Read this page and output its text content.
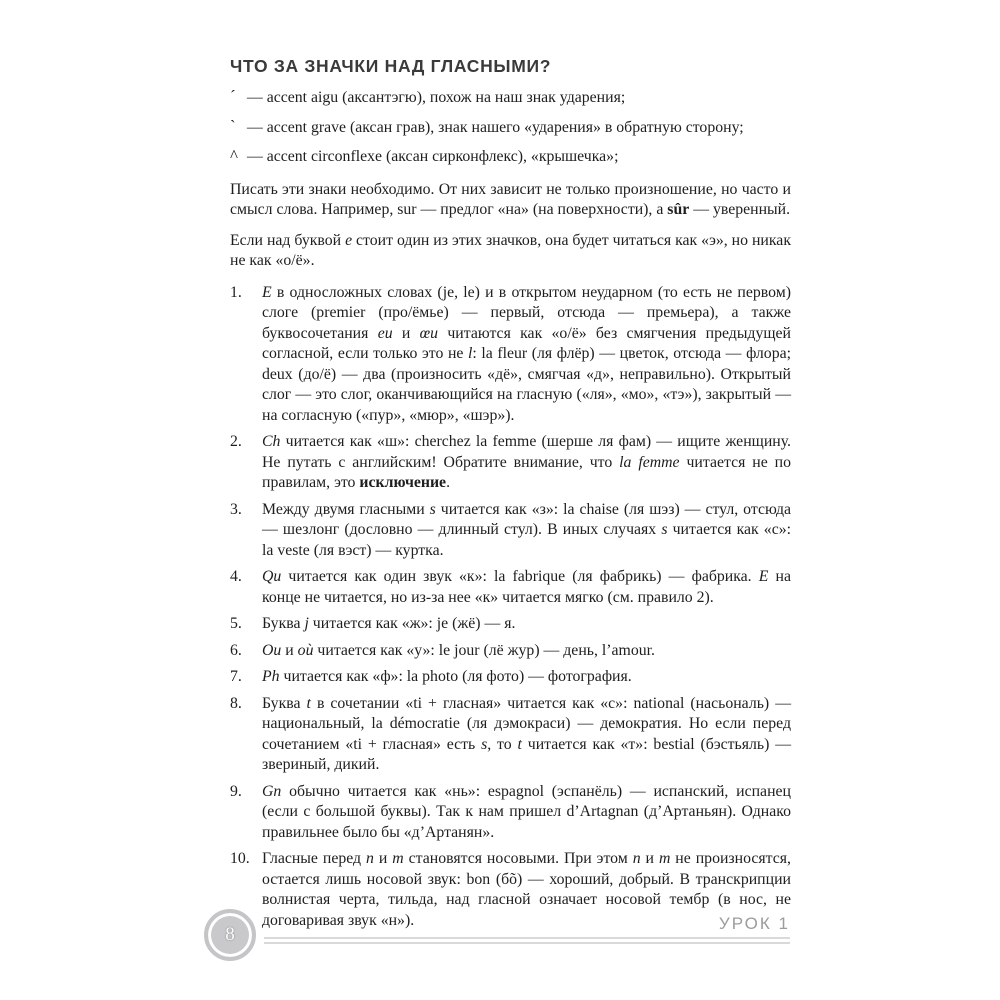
ЧТО ЗА ЗНАЧКИ НАД ГЛАСНЫМИ?
´ — accent aigu (аксантэгю), похож на наш знак ударения;
` — accent grave (аксан грав), знак нашего «ударения» в обратную сторону;
^ — accent circonflexe (аксан сирконфлекс), «крышечка»;

Писать эти знаки необходимо. От них зависит не только произношение, но часто и смысл слова. Например, sur — предлог «на» (на поверхности), а sûr — уверенный.

Если над буквой e стоит один из этих значков, она будет читаться как «э», но никак не как «о/ё».

1. E в односложных словах (je, le) и в открытом неударном (то есть не первом) слоге (premier (про/ёмье) — первый, отсюда — премьера), а также буквосочетания eu и œu читаются как «о/ё» без смягчения предыдущей согласной, если только это не l: la fleur (ля флёр) — цветок, отсюда — флора; deux (до/ё) — два (произносить «дё», смягчая «д», неправильно). Открытый слог — это слог, оканчивающийся на гласную («ля», «мо», «тэ»), закрытый — на согласную («пур», «мюр», «шэр»).
2. Ch читается как «ш»: cherchez la femme (шерше ля фам) — ищите женщину. Не путать с английским! Обратите внимание, что la femme читается не по правилам, это исключение.
3. Между двумя гласными s читается как «з»: la chaise (ля шэз) — стул, отсюда — шезлонг (дословно — длинный стул). В иных случаях s читается как «с»: la veste (ля вэст) — куртка.
4. Qu читается как один звук «к»: la fabrique (ля фабрикь) — фабрика. E на конце не читается, но из-за нее «к» читается мягко (см. правило 2).
5. Буква j читается как «ж»: je (жё) — я.
6. Ou и où читается как «у»: le jour (лё жур) — день, l’amour.
7. Ph читается как «ф»: la photo (ля фото) — фотография.
8. Буква t в сочетании «ti + гласная» читается как «с»: national (насьональ) — национальный, la démocratie (ля дэмокраси) — демократия. Но если перед сочетанием «ti + гласная» есть s, то t читается как «т»: bestial (бэстьяль) — звериный, дикий.
9. Gn обычно читается как «нь»: espagnol (эспанёль) — испанский, испанец (если с большой буквы). Так к нам пришел d’Artagnan (д’Артаньян). Однако правильнее было бы «д’Артанян».
10. Гласные перед n и m становятся носовыми. При этом n и m не произносятся, остается лишь носовой звук: bon (бõ) — хороший, добрый. В транскрипции волнистая черта, тильда, над гласной означает носовой тембр (в нос, не договаривая звук «н»).
8
УРОК 1
